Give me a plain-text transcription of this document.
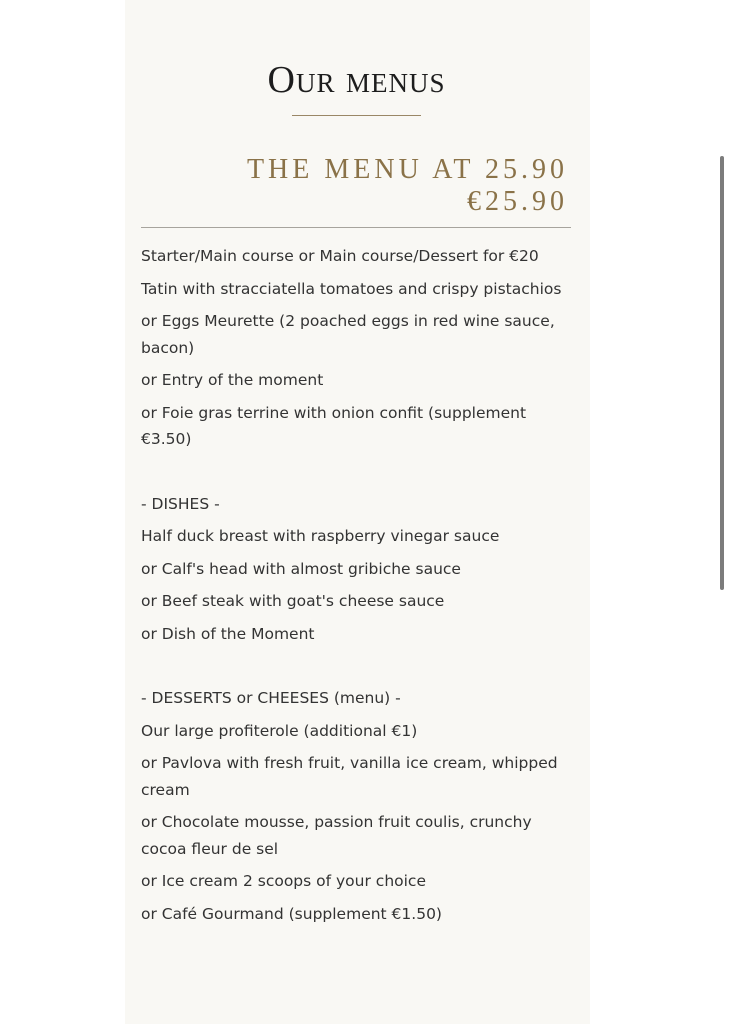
Our menus
THE MENU AT 25.90
€25.90

Starter/Main course or Main course/Dessert for €20

Tatin with stracciatella tomatoes and crispy pistachios

or Eggs Meurette (2 poached eggs in red wine sauce, bacon)

or Entry of the moment

or Foie gras terrine with onion confit (supplement €3.50)

- DISHES -

Half duck breast with raspberry vinegar sauce

or Calf's head with almost gribiche sauce

or Beef steak with goat's cheese sauce

or Dish of the Moment

- DESSERTS or CHEESES (menu) -

Our large profiterole (additional €1)

or Pavlova with fresh fruit, vanilla ice cream, whipped cream

or Chocolate mousse, passion fruit coulis, crunchy cocoa fleur de sel

or Ice cream 2 scoops of your choice

or Café Gourmand (supplement €1.50)
